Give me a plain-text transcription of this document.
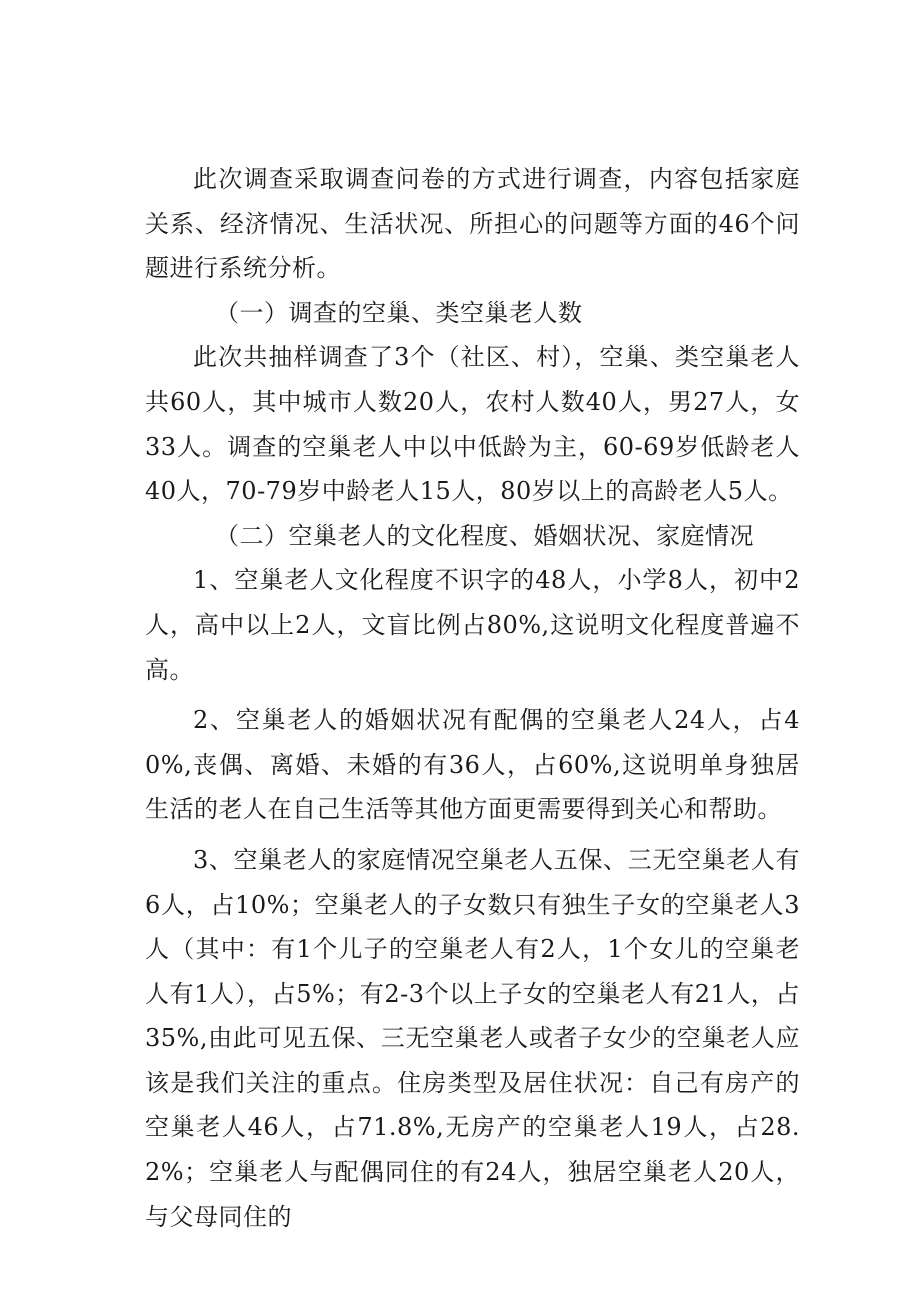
此次调查采取调查问卷的方式进行调查，内容包括家庭关系、经济情况、生活状况、所担心的问题等方面的46个问题进行系统分析。

（一）调查的空巢、类空巢老人数

此次共抽样调查了3个（社区、村），空巢、类空巢老人共60人，其中城市人数20人，农村人数40人，男27人，女33人。调查的空巢老人中以中低龄为主，60-69岁低龄老人40人，70-79岁中龄老人15人，80岁以上的高龄老人5人。

（二）空巢老人的文化程度、婚姻状况、家庭情况

1、空巢老人文化程度不识字的48人，小学8人，初中2人，高中以上2人，文盲比例占80%,这说明文化程度普遍不高。

2、空巢老人的婚姻状况有配偶的空巢老人24人，占40%,丧偶、离婚、未婚的有36人，占60%,这说明单身独居生活的老人在自己生活等其他方面更需要得到关心和帮助。

3、空巢老人的家庭情况空巢老人五保、三无空巢老人有6人，占10%；空巢老人的子女数只有独生子女的空巢老人3人（其中：有1个儿子的空巢老人有2人，1个女儿的空巢老人有1人），占5%；有2-3个以上子女的空巢老人有21人，占35%,由此可见五保、三无空巢老人或者子女少的空巢老人应该是我们关注的重点。住房类型及居住状况：自己有房产的空巢老人46人，占71.8%,无房产的空巢老人19人，占28.2%；空巢老人与配偶同住的有24人，独居空巢老人20人，与父母同住的
